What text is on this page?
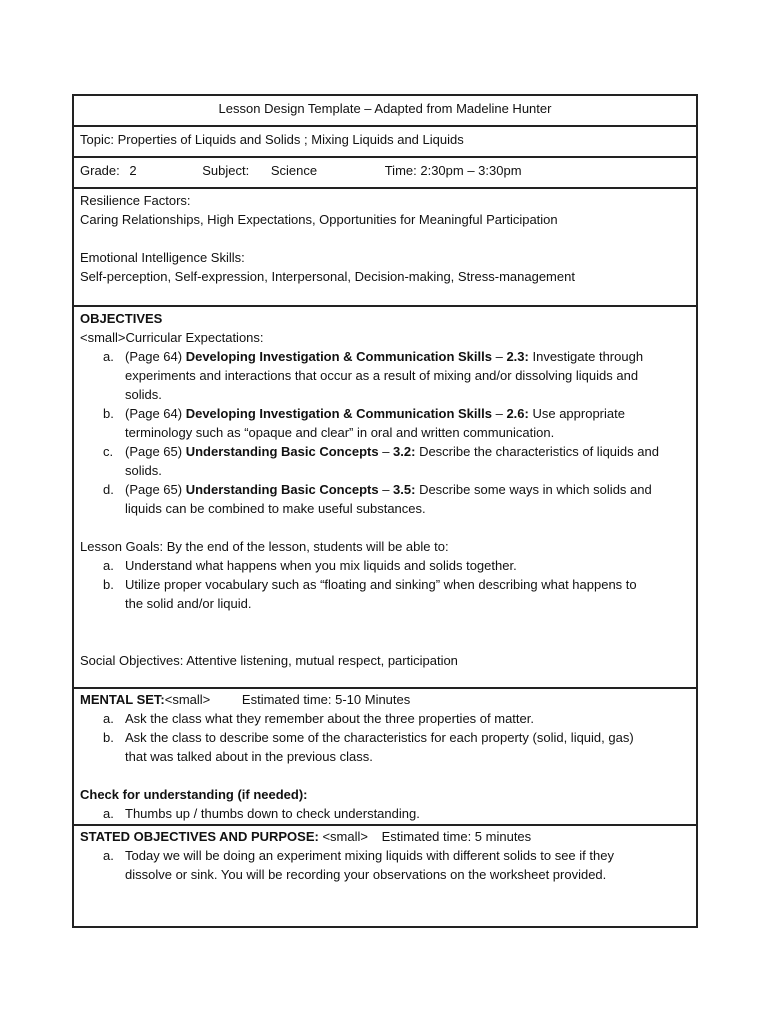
Lesson Design Template – Adapted from Madeline Hunter
Topic: Properties of Liquids and Solids ; Mixing Liquids and Liquids
Grade: 2	Subject: Science	Time: 2:30pm – 3:30pm
Resilience Factors:
Caring Relationships, High Expectations, Opportunities for Meaningful Participation
Emotional Intelligence Skills:
Self-perception, Self-expression, Interpersonal, Decision-making, Stress-management
OBJECTIVES
<small>Curricular Expectations:
a. (Page 64) Developing Investigation & Communication Skills – 2.3: Investigate through
experiments and interactions that occur as a result of mixing and/or dissolving liquids and
solids.
b. (Page 64) Developing Investigation & Communication Skills – 2.6: Use appropriate
terminology such as “opaque and clear” in oral and written communication.
c. (Page 65) Understanding Basic Concepts – 3.2: Describe the characteristics of liquids and
solids.
d. (Page 65) Understanding Basic Concepts – 3.5: Describe some ways in which solids and
liquids can be combined to make useful substances.
Lesson Goals: By the end of the lesson, students will be able to:
a. Understand what happens when you mix liquids and solids together.
b. Utilize proper vocabulary such as “floating and sinking” when describing what happens to
the solid and/or liquid.
Social Objectives: Attentive listening, mutual respect, participation
MENTAL SET:<small> Estimated time: 5-10 Minutes
a. Ask the class what they remember about the three properties of matter.
b. Ask the class to describe some of the characteristics for each property (solid, liquid, gas)
that was talked about in the previous class.
Check for understanding (if needed):
a. Thumbs up / thumbs down to check understanding.
STATED OBJECTIVES AND PURPOSE: <small> Estimated time: 5 minutes
a. Today we will be doing an experiment mixing liquids with different solids to see if they
dissolve or sink. You will be recording your observations on the worksheet provided.
